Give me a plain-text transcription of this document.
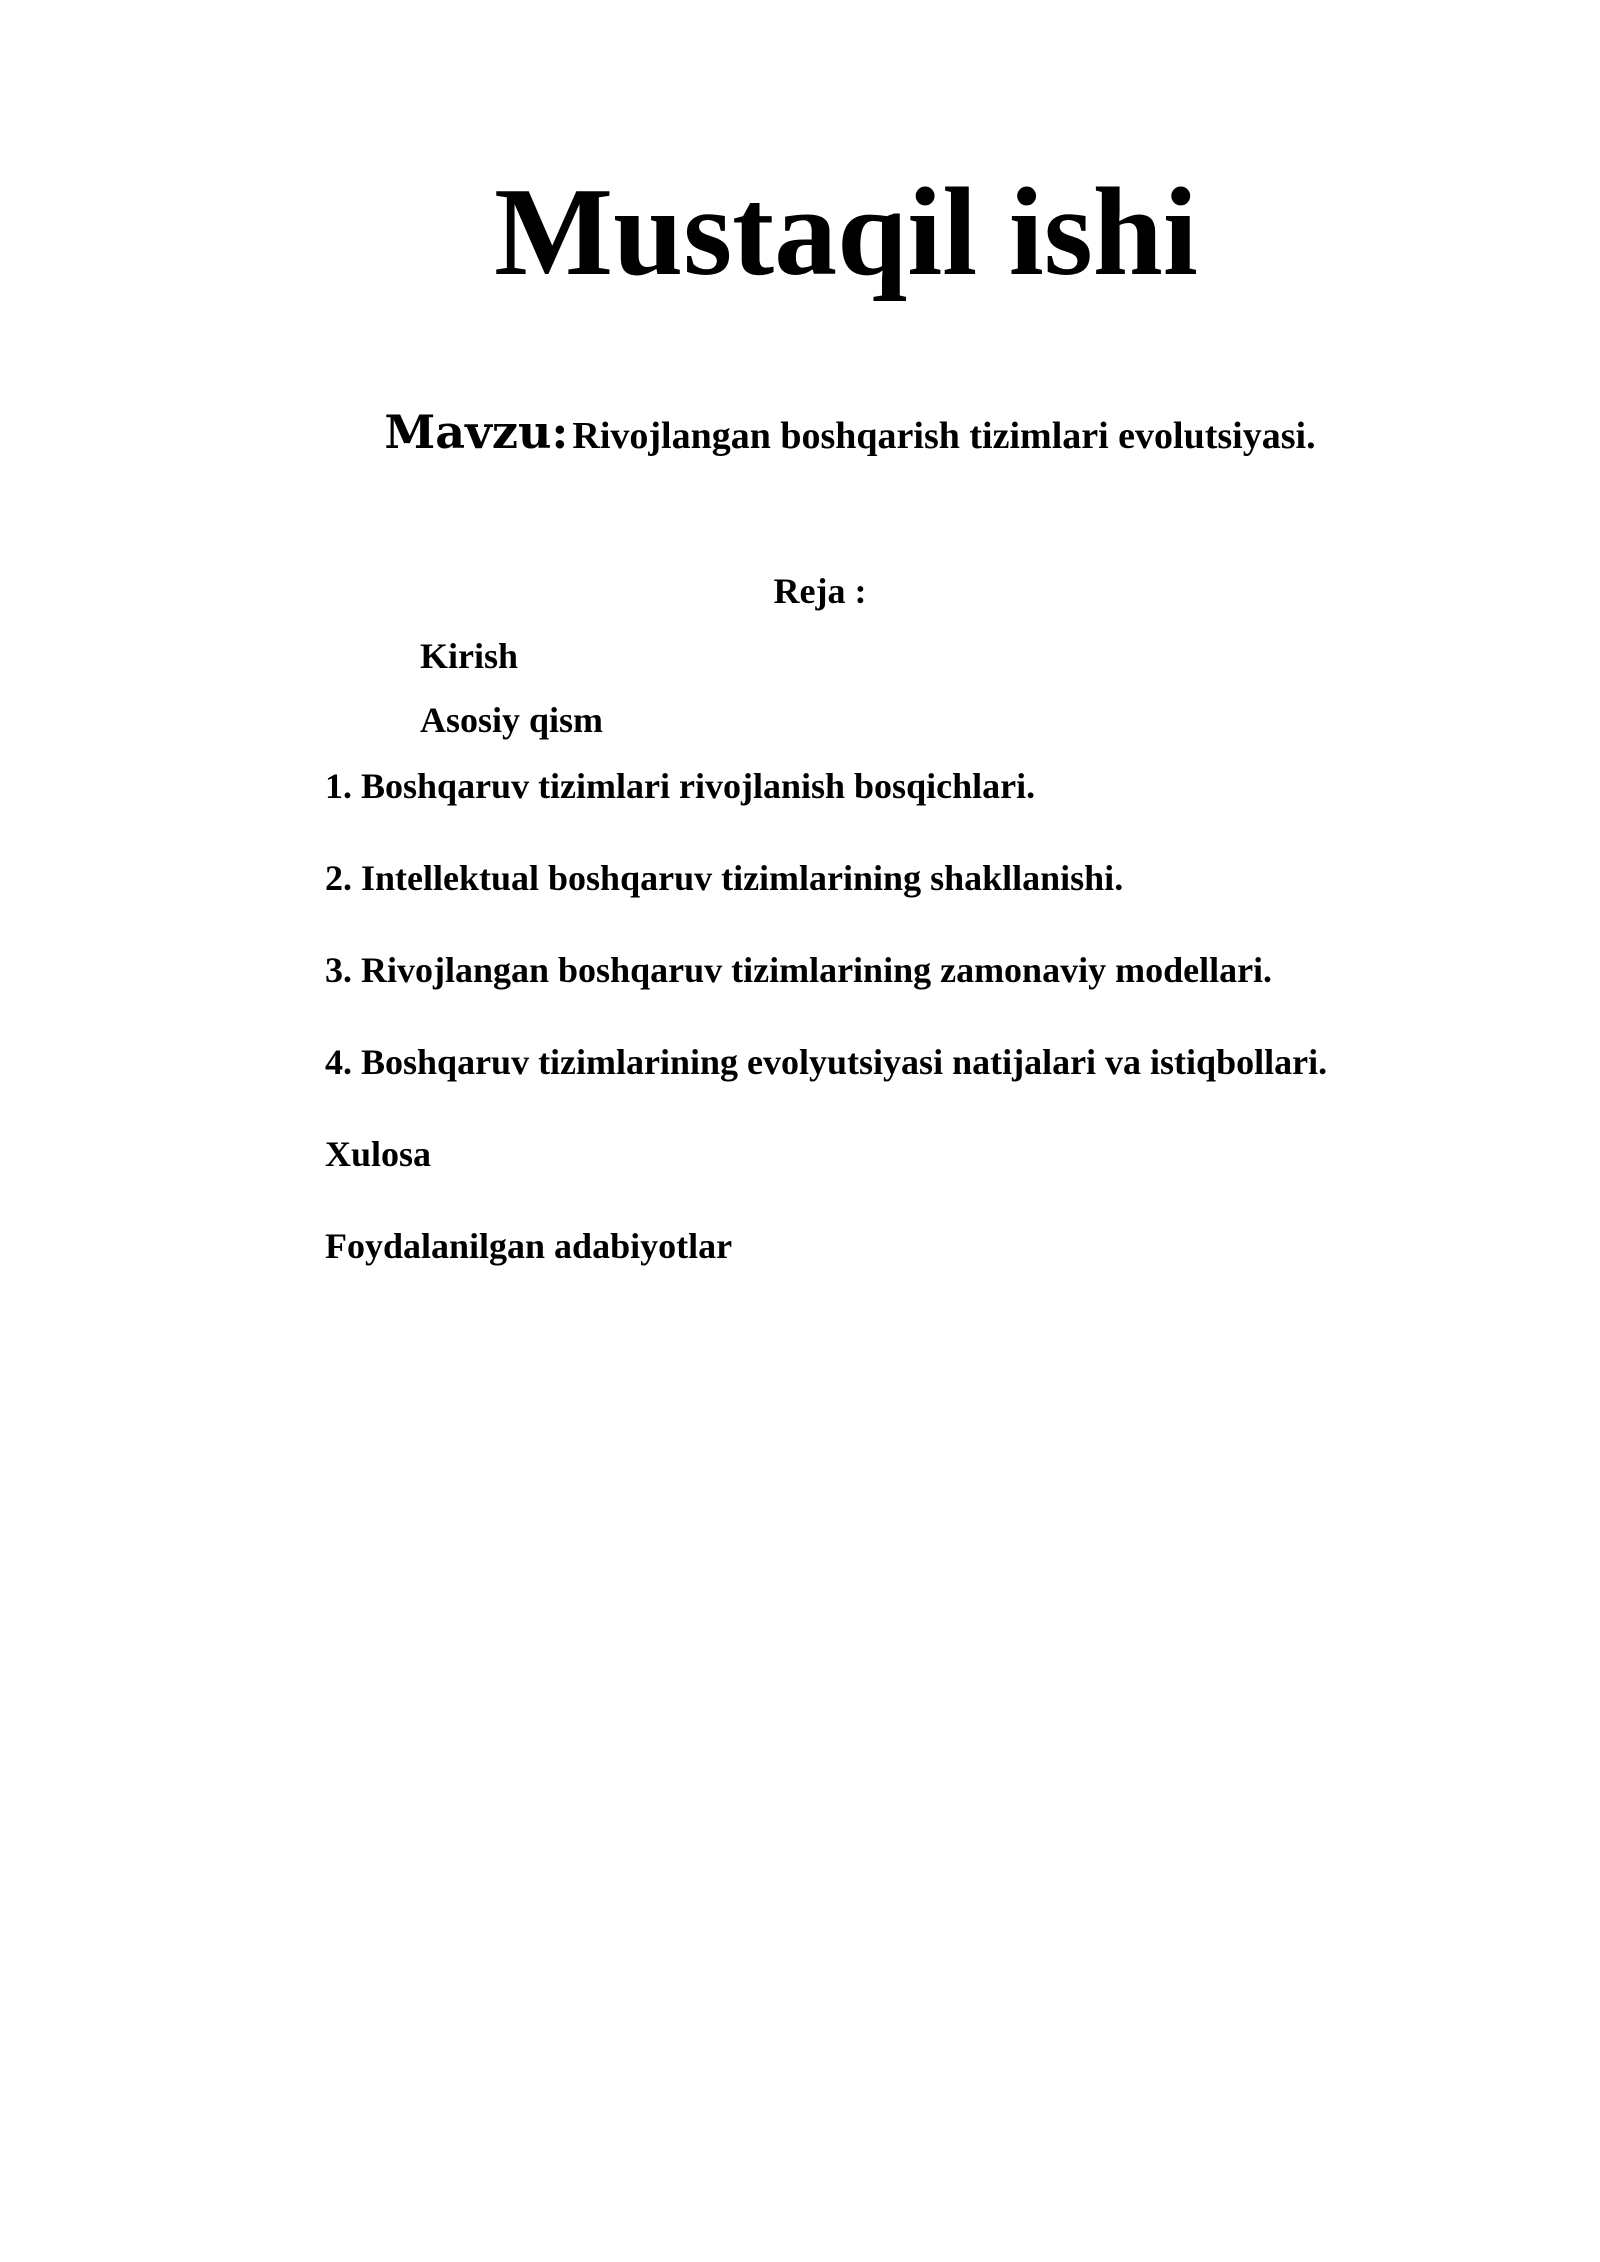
Mustaqil ishi
Mavzu: Rivojlangan boshqarish tizimlari evolutsiyasi.
Reja :
Kirish
Asosiy qism
1. Boshqaruv tizimlari rivojlanish bosqichlari.
2. Intellektual boshqaruv tizimlarining shakllanishi.
3. Rivojlangan boshqaruv tizimlarining zamonaviy modellari.
4. Boshqaruv tizimlarining evolyutsiyasi natijalari va istiqbollari.
Xulosa
Foydalanilgan adabiyotlar
